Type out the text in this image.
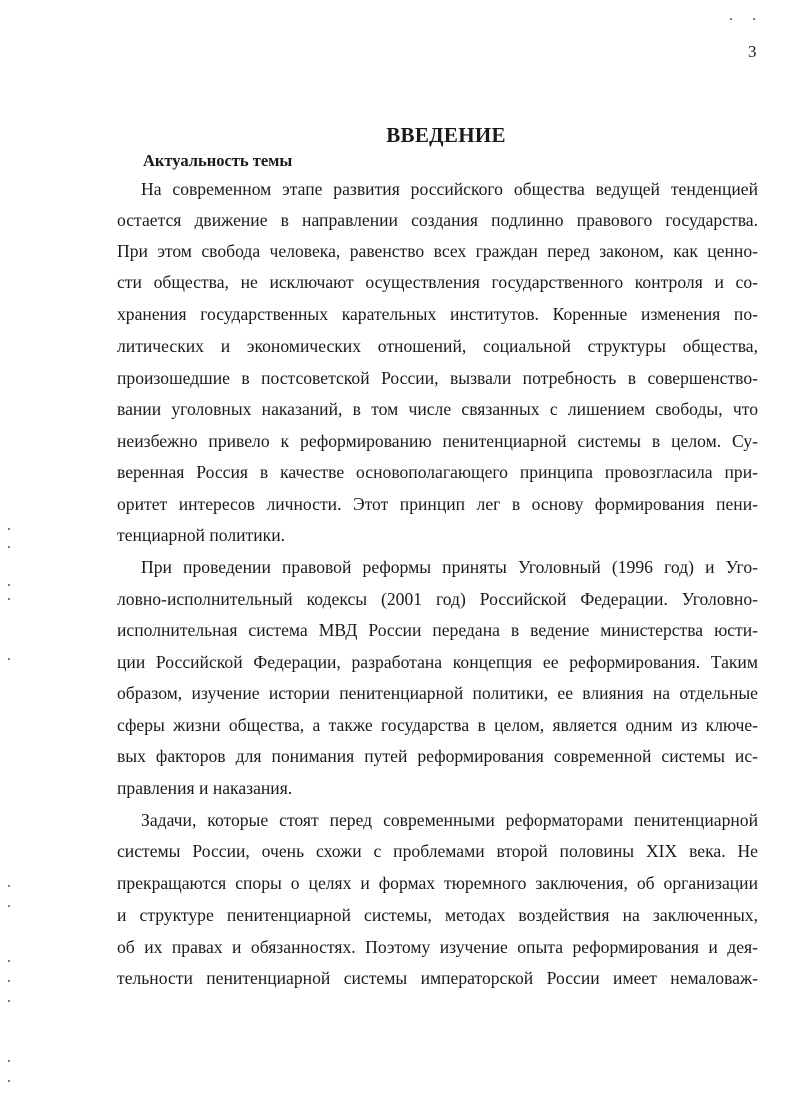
3
ВВЕДЕНИЕ
Актуальность темы
На современном этапе развития российского общества ведущей тенденцией
остается движение в направлении создания подлинно правового государства.
При этом свобода человека, равенство всех граждан перед законом, как ценно-
сти общества, не исключают осуществления государственного контроля и со-
хранения государственных карательных институтов. Коренные изменения по-
литических и экономических отношений, социальной структуры общества,
произошедшие в постсоветской России, вызвали потребность в совершенство-
вании уголовных наказаний, в том числе связанных с лишением свободы, что
неизбежно привело к реформированию пенитенциарной системы в целом. Су-
веренная Россия в качестве основополагающего принципа провозгласила при-
оритет интересов личности. Этот принцип лег в основу формирования пени-
тенциарной политики.
При проведении правовой реформы приняты Уголовный (1996 год) и Уго-
ловно-исполнительный кодексы (2001 год) Российской Федерации. Уголовно-
исполнительная система МВД России передана в ведение министерства юсти-
ции Российской Федерации, разработана концепция ее реформирования. Таким
образом, изучение истории пенитенциарной политики, ее влияния на отдельные
сферы жизни общества, а также государства в целом, является одним из ключе-
вых факторов для понимания путей реформирования современной системы ис-
правления и наказания.
Задачи, которые стоят перед современными реформаторами пенитенциарной
системы России, очень схожи с проблемами второй половины XIX века. Не
прекращаются споры о целях и формах тюремного заключения, об организации
и структуре пенитенциарной системы, методах воздействия на заключенных,
об их правах и обязанностях. Поэтому изучение опыта реформирования и дея-
тельности пенитенциарной системы императорской России имеет немаловаж-
